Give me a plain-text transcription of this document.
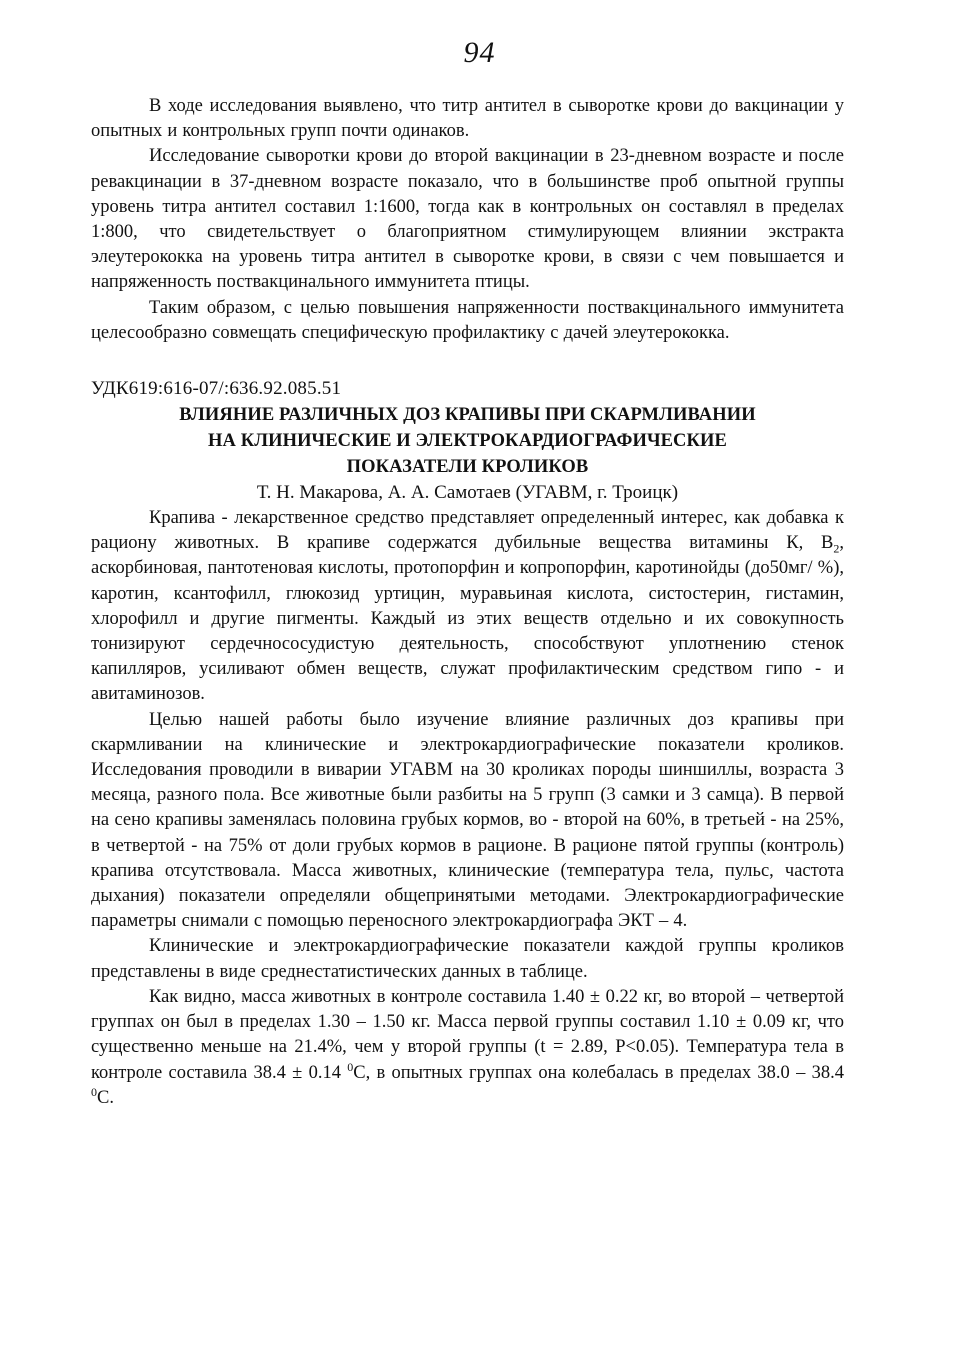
94

В ходе исследования выявлено, что титр антител в сыворотке крови до вакцинации у опытных и контрольных групп почти одинаков.

Исследование сыворотки крови до второй вакцинации в 23-дневном возрасте и после ревакцинации в 37-дневном возрасте показало, что в большинстве проб опытной группы уровень титра антител составил 1:1600, тогда как в контрольных он составлял в пределах 1:800, что свидетельствует о благоприятном стимулирующем влиянии экстракта элеутерококка на уровень титра антител в сыворотке крови, в связи с чем повышается и напряженность поствакцинального иммунитета птицы.

Таким образом, с целью повышения напряженности поствакцинального иммунитета целесообразно совмещать специфическую профилактику с дачей элеутерококка.

УДК619:616-07/:636.92.085.51

ВЛИЯНИЕ РАЗЛИЧНЫХ ДОЗ КРАПИВЫ ПРИ СКАРМЛИВАНИИ

НА КЛИНИЧЕСКИЕ И ЭЛЕКТРОКАРДИОГРАФИЧЕСКИЕ

ПОКАЗАТЕЛИ КРОЛИКОВ

Т. Н. Макарова, А. А. Самотаев (УГАВМ, г. Троицк)

Крапива - лекарственное средство представляет определенный интерес, как добавка к рациону животных. В крапиве содержатся дубильные вещества витамины К, $В_2$, аскорбиновая, пантотеновая кислоты, протопорфин и копропорфин, каротинойды (до50мг/ %), каротин, ксантофилл, глюкозид уртицин, муравьиная кислота, систостерин, гистамин, хлорофилл и другие пигменты. Каждый из этих веществ отдельно и их совокупность тонизируют сердечнососудистую деятельность, способствуют уплотнению стенок капилляров, усиливают обмен веществ, служат профилактическим средством гипо - и авитаминозов.

Целью нашей работы было изучение влияние различных доз крапивы при скармливании на клинические и электрокардиографические показатели кроликов. Исследования проводили в виварии УГАВМ на 30 кроликах породы шиншиллы, возраста 3 месяца, разного пола. Все животные были разбиты на 5 групп (3 самки и 3 самца). В первой на сено крапивы заменялась половина грубых кормов, во - второй на 60%, в третьей - на 25%, в четвертой - на 75% от доли грубых кормов в рационе. В рационе пятой группы (контроль) крапива отсутствовала. Масса животных, клинические (температура тела, пульс, частота дыхания) показатели определяли общепринятыми методами. Электрокардиографические параметры снимали с помощью переносного электрокардиографа ЭКТ – 4.

Клинические и электрокардиографические показатели каждой группы кроликов представлены в виде среднестатистических данных в таблице.

Как видно, масса животных в контроле составила 1.40 ± 0.22 кг, во второй – четвертой группах он был в пределах 1.30 – 1.50 кг. Масса первой группы составил 1.10 ± 0.09 кг, что существенно меньше на 21.4%, чем у второй группы (t = 2.89, P<0.05). Температура тела в контроле составила 38.4 ± 0.14 $^0$С, в опытных группах она колебалась в пределах 38.0 – 38.4 $^0$С.
